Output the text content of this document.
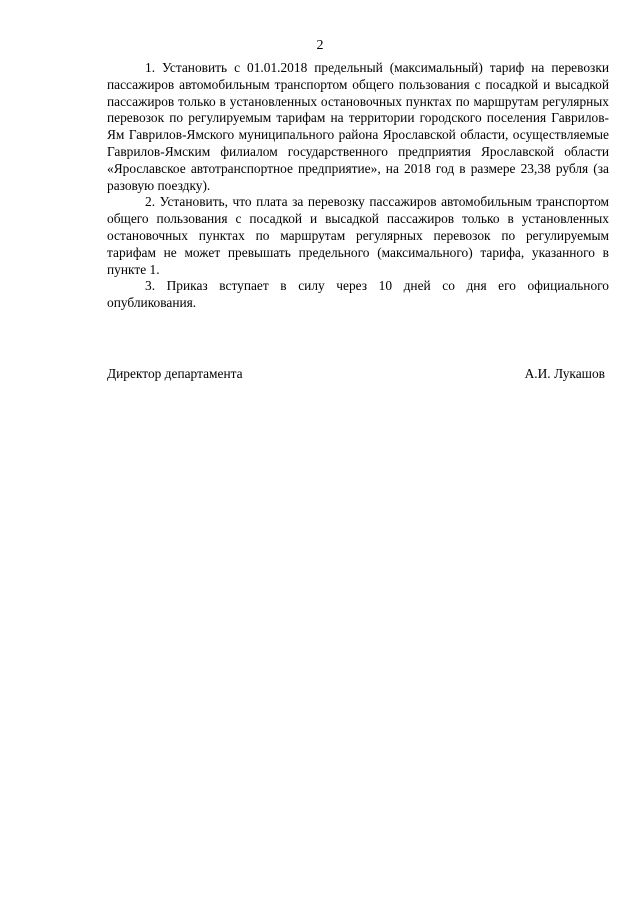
2

1. Установить с 01.01.2018 предельный (максимальный) тариф на перевозки пассажиров автомобильным транспортом общего пользования с посадкой и высадкой пассажиров только в установленных остановочных пунктах по маршрутам регулярных перевозок по регулируемым тарифам на территории городского поселения Гаврилов-Ям Гаврилов-Ямского муниципального района Ярославской области, осуществляемые Гаврилов-Ямским филиалом государственного предприятия Ярославской области «Ярославское автотранспортное предприятие», на 2018 год в размере 23,38 рубля (за разовую поездку).

2. Установить, что плата за перевозку пассажиров автомобильным транспортом общего пользования с посадкой и высадкой пассажиров только в установленных остановочных пунктах по маршрутам регулярных перевозок по регулируемым тарифам не может превышать предельного (максимального) тарифа, указанного в пункте 1.

3. Приказ вступает в силу через 10 дней со дня его официального опубликования.

Директор департамента	А.И. Лукашов
